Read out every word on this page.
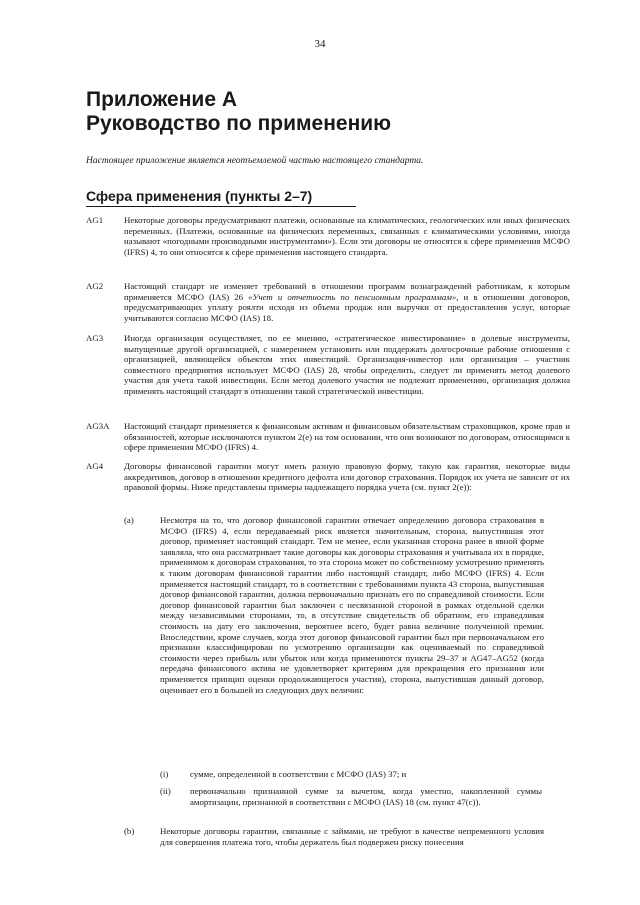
34
Приложение А
Руководство по применению
Настоящее приложение является неотъемлемой частью настоящего стандарта.
Сфера применения (пункты 2–7)
AG1	Некоторые договоры предусматривают платежи, основанные на климатических, геологических или иных физических переменных. (Платежи, основанные на физических переменных, связанных с климатическими условиями, иногда называют «погодными производными инструментами»). Если эти договоры не относятся к сфере применения МСФО (IFRS) 4, то они относятся к сфере применения настоящего стандарта.
AG2	Настоящий стандарт не изменяет требований в отношении программ вознаграждений работникам, к которым применяется МСФО (IAS) 26 «Учет и отчетность по пенсионным программам», и в отношении договоров, предусматривающих уплату роялти исходя из объема продаж или выручки от предоставления услуг, которые учитываются согласно МСФО (IAS) 18.
AG3	Иногда организация осуществляет, по ее мнению, «стратегическое инвестирование» в долевые инструменты, выпущенные другой организацией, с намерением установить или поддержать долгосрочные рабочие отношения с организацией, являющейся объектом этих инвестиций. Организация-инвестор или организация – участник совместного предприятия использует МСФО (IAS) 28, чтобы определить, следует ли применять метод долевого участия для учета такой инвестиции. Если метод долевого участия не подлежит применению, организация должна применять настоящий стандарт в отношении такой стратегической инвестиции.
AG3A	Настоящий стандарт применяется к финансовым активам и финансовым обязательствам страховщиков, кроме прав и обязанностей, которые исключаются пунктом 2(е) на том основании, что они возникают по договорам, относящимся к сфере применения МСФО (IFRS) 4.
AG4	Договоры финансовой гарантии могут иметь разную правовую форму, такую как гарантия, некоторые виды аккредитивов, договор в отношении кредитного дефолта или договор страхования. Порядок их учета не зависит от их правовой формы. Ниже представлены примеры надлежащего порядка учета (см. пункт 2(е)):
(a)	Несмотря на то, что договор финансовой гарантии отвечает определению договора страхования в МСФО (IFRS) 4, если передаваемый риск является значительным, сторона, выпустившая этот договор, применяет настоящий стандарт. Тем не менее, если указанная сторона ранее в явной форме заявляла, что она рассматривает такие договоры как договоры страхования и учитывала их в порядке, применимом к договорам страхования, то эта сторона может по собственному усмотрению применять к таким договорам финансовой гарантии либо настоящий стандарт, либо МСФО (IFRS) 4. Если применяется настоящий стандарт, то в соответствии с требованиями пункта 43 сторона, выпустившая договор финансовой гарантии, должна первоначально признать его по справедливой стоимости. Если договор финансовой гарантии был заключен с несвязанной стороной в рамках отдельной сделки между независимыми сторонами, то, в отсутствие свидетельств об обратном, его справедливая стоимость на дату его заключения, вероятнее всего, будет равна величине полученной премии. Впоследствии, кроме случаев, когда этот договор финансовой гарантии был при первоначальном его признании классифицирован по усмотрению организации как оцениваемый по справедливой стоимости через прибыль или убыток или когда применяются пункты 29–37 и AG47–AG52 (когда передача финансового актива не удовлетворяет критериям для прекращения его признания или применяется принцип оценки продолжающегося участия), сторона, выпустившая данный договор, оценивает его в большей из следующих двух величин:
(i) сумме, определенной в соответствии с МСФО (IAS) 37; и
(ii) первоначально признанной сумме за вычетом, когда уместно, накопленной суммы амортизации, признанной в соответствии с МСФО (IAS) 18 (см. пункт 47(с)).
(b)	Некоторые договоры гарантии, связанные с займами, не требуют в качестве непременного условия для совершения платежа того, чтобы держатель был подвержен риску понесения
